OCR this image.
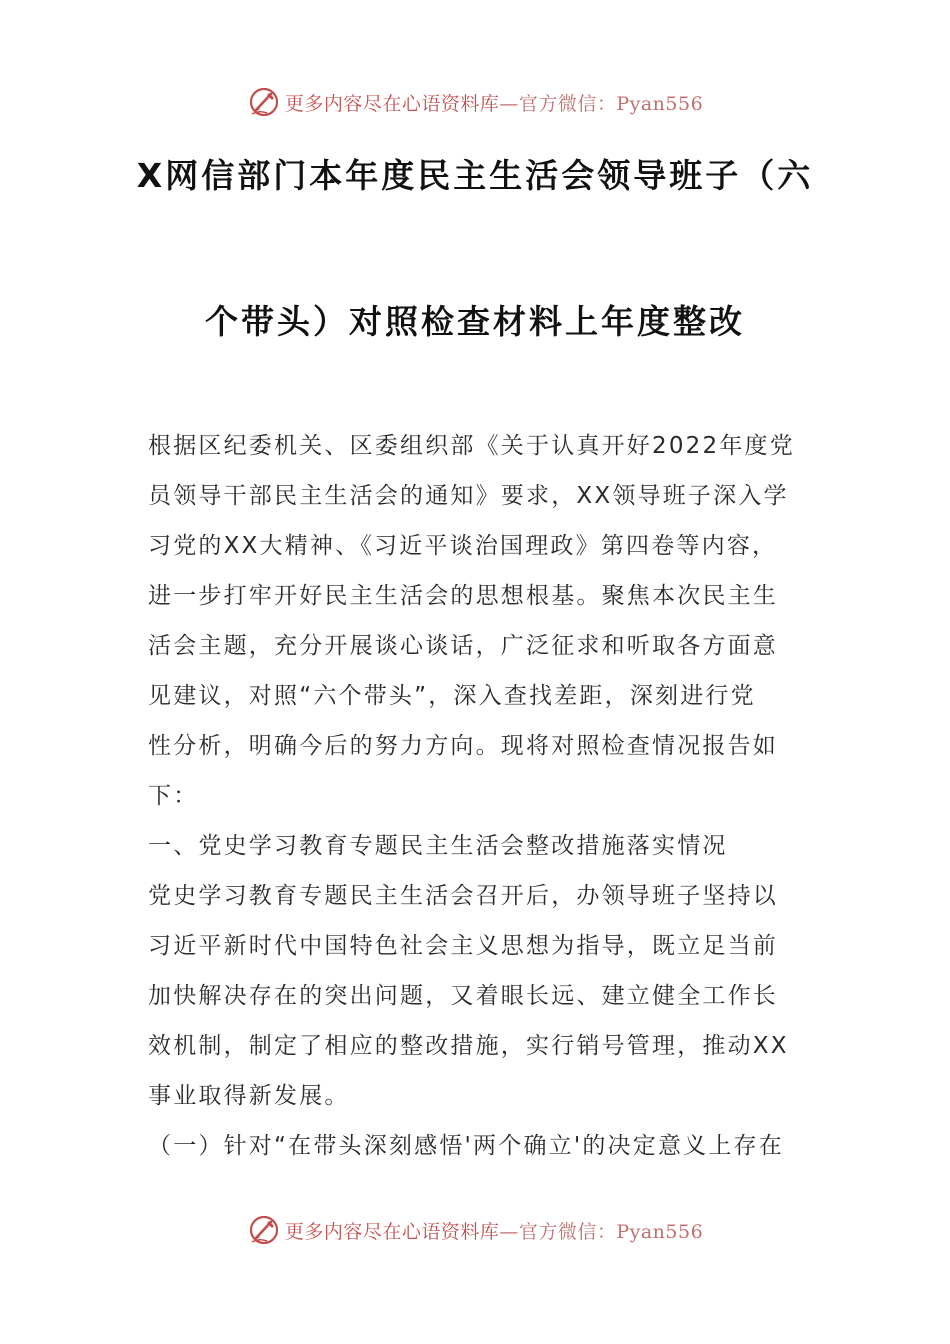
更多内容尽在心语资料库—官方微信：Pyan556
X网信部门本年度民主生活会领导班子（六
个带头）对照检查材料上年度整改
根据区纪委机关、区委组织部《关于认真开好2022年度党
员领导干部民主生活会的通知》要求，XX领导班子深入学
习党的XX大精神、《习近平谈治国理政》第四卷等内容，
进一步打牢开好民主生活会的思想根基。聚焦本次民主生
活会主题，充分开展谈心谈话，广泛征求和听取各方面意
见建议，对照“六个带头”，深入查找差距，深刻进行党
性分析，明确今后的努力方向。现将对照检查情况报告如
下：
一、党史学习教育专题民主生活会整改措施落实情况
党史学习教育专题民主生活会召开后，办领导班子坚持以
习近平新时代中国特色社会主义思想为指导，既立足当前
加快解决存在的突出问题，又着眼长远、建立健全工作长
效机制，制定了相应的整改措施，实行销号管理，推动XX
事业取得新发展。
（一）针对“在带头深刻感悟'两个确立'的决定意义上存在
更多内容尽在心语资料库—官方微信：Pyan556
